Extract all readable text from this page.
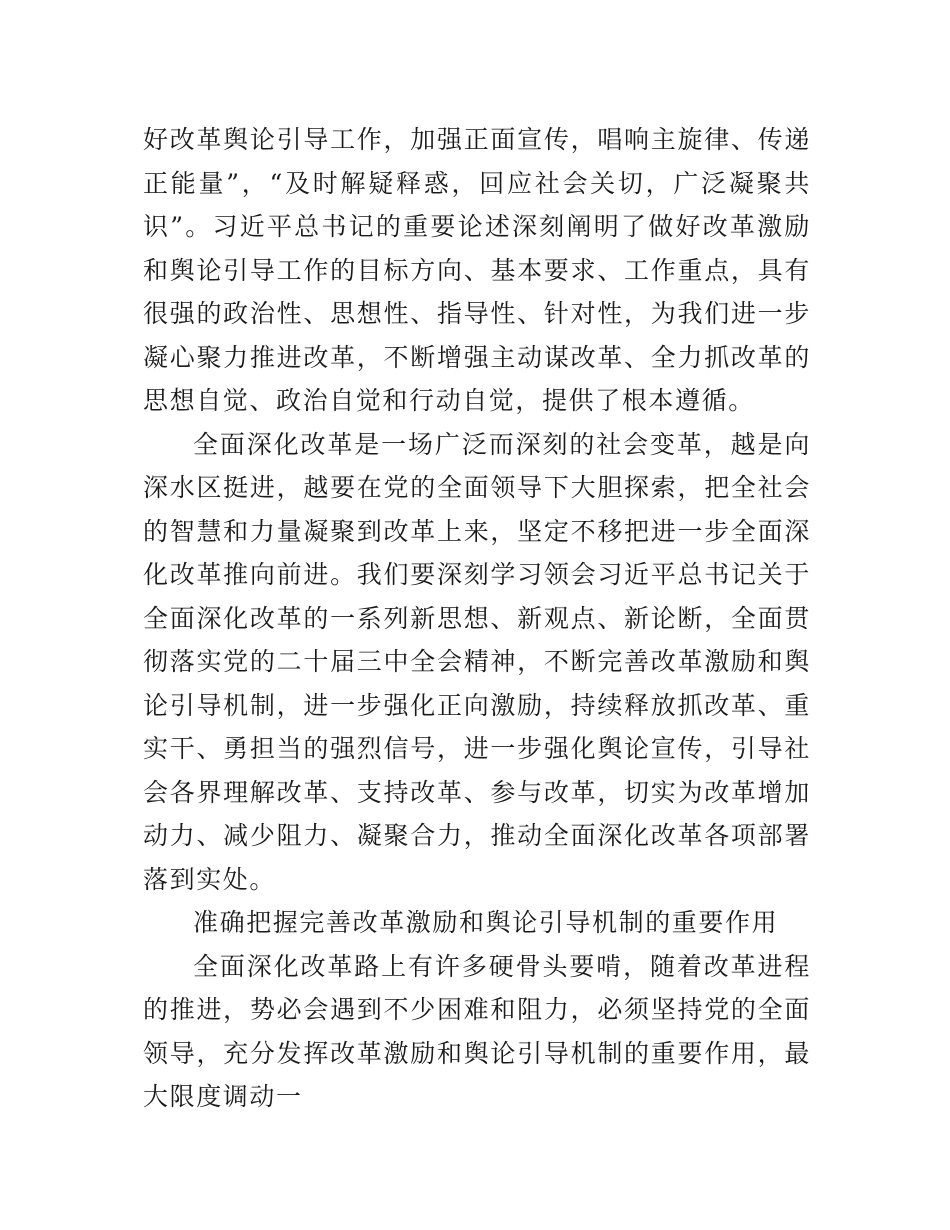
好改革舆论引导工作，加强正面宣传，唱响主旋律、传递正能量”，“及时解疑释惑，回应社会关切，广泛凝聚共识”。习近平总书记的重要论述深刻阐明了做好改革激励和舆论引导工作的目标方向、基本要求、工作重点，具有很强的政治性、思想性、指导性、针对性，为我们进一步凝心聚力推进改革，不断增强主动谋改革、全力抓改革的思想自觉、政治自觉和行动自觉，提供了根本遵循。

全面深化改革是一场广泛而深刻的社会变革，越是向深水区挺进，越要在党的全面领导下大胆探索，把全社会的智慧和力量凝聚到改革上来，坚定不移把进一步全面深化改革推向前进。我们要深刻学习领会习近平总书记关于全面深化改革的一系列新思想、新观点、新论断，全面贯彻落实党的二十届三中全会精神，不断完善改革激励和舆论引导机制，进一步强化正向激励，持续释放抓改革、重实干、勇担当的强烈信号，进一步强化舆论宣传，引导社会各界理解改革、支持改革、参与改革，切实为改革增加动力、减少阻力、凝聚合力，推动全面深化改革各项部署落到实处。

准确把握完善改革激励和舆论引导机制的重要作用

全面深化改革路上有许多硬骨头要啃，随着改革进程的推进，势必会遇到不少困难和阻力，必须坚持党的全面领导，充分发挥改革激励和舆论引导机制的重要作用，最大限度调动一
